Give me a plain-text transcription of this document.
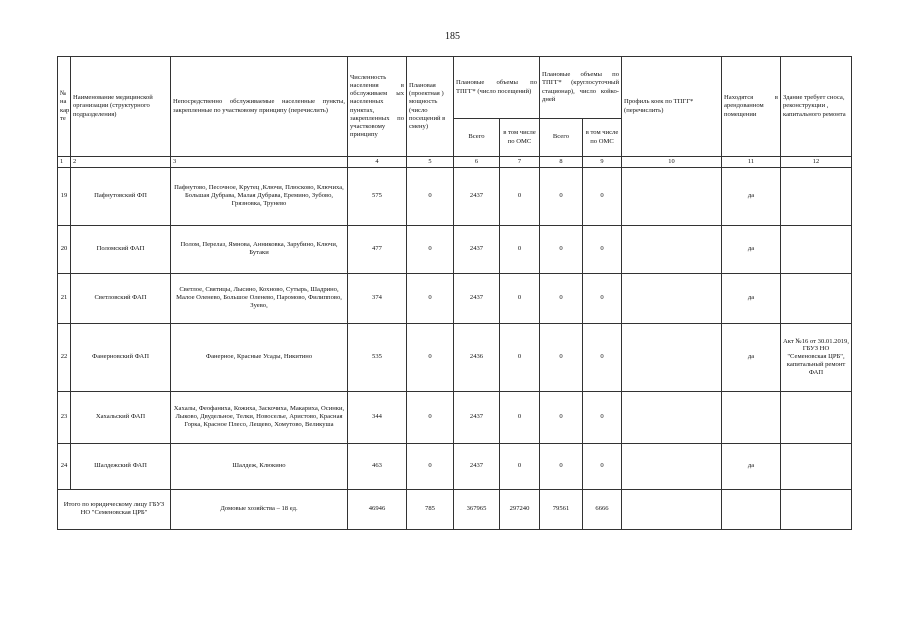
185
№ на кар те	Наименование медицинской организации (структурного подразделения)	Непосредственно обслуживаемые населенные пункты, закрепленные по участковому принципу (перечислить)	Численность населения в обслуживаем ых населенных пунктах, закрепленных по участковому принципу	Плановая (проектная ) мощность (число посещений в смену)	Плановые объемы по ТПГГ* (число посещений)		Плановые объемы по ТПГГ* (круглосуточный стационар), число койко-дней		Профиль коек по ТПГГ* (перечислить)	Находятся в арендованном помещении	Здание требует сноса, реконструкции , капитального ремонта
					Всего	в том числе по ОМС	Всего	в том числе по ОМС			
1	2	3	4	5	6	7	8	9	10	11	12
19	Пафнутовский ФП	Пафнутово, Песочное, Крутец ,Ключи, Плюсково, Ключиха, Большая Дубрава, Малая Дубрава, Еремино, Зубово, Грязновка, Трунево	575	0	2437	0	0	0		да	
20	Поломский ФАП	Полом, Перелаз, Ямнова, Анниковка, Зарубино, Ключи, Бутаки	477	0	2437	0	0	0		да	
21	Светловский ФАП	Светлое, Святицы, Лысино, Кохново, Сутырь, Шадрино, Малое Оленево, Большое Оленево, Паромово, Филиппово, Зуево,	374	0	2437	0	0	0		да	
22	Фанерновский ФАП	Фанерное, Красные Усады, Никитино	535	0	2436	0	0	0		да	Акт №16 от 30.01.2019, ГБУЗ НО "Семеновская ЦРБ", капитальный ремонт ФАП
23	Хахальский ФАП	Хахалы, Феофаниха, Кожиха, Заскочиха, Макариха, Осинки, Лыково, Двудельное, Телки, Новоселье, Аристово, Красная Горка, Красное Плесо, Лещево, Хомутово, Великуша	344	0	2437	0	0	0			
24	Шалдежский ФАП	Шалдеж, Клюкино	463	0	2437	0	0	0		да	
Итого по юридическому лицу ГБУЗ НО "Семеновская ЦРБ"		Домовые хозяйства – 18 ед.	46946	785	367965	297240	79561	6666			
